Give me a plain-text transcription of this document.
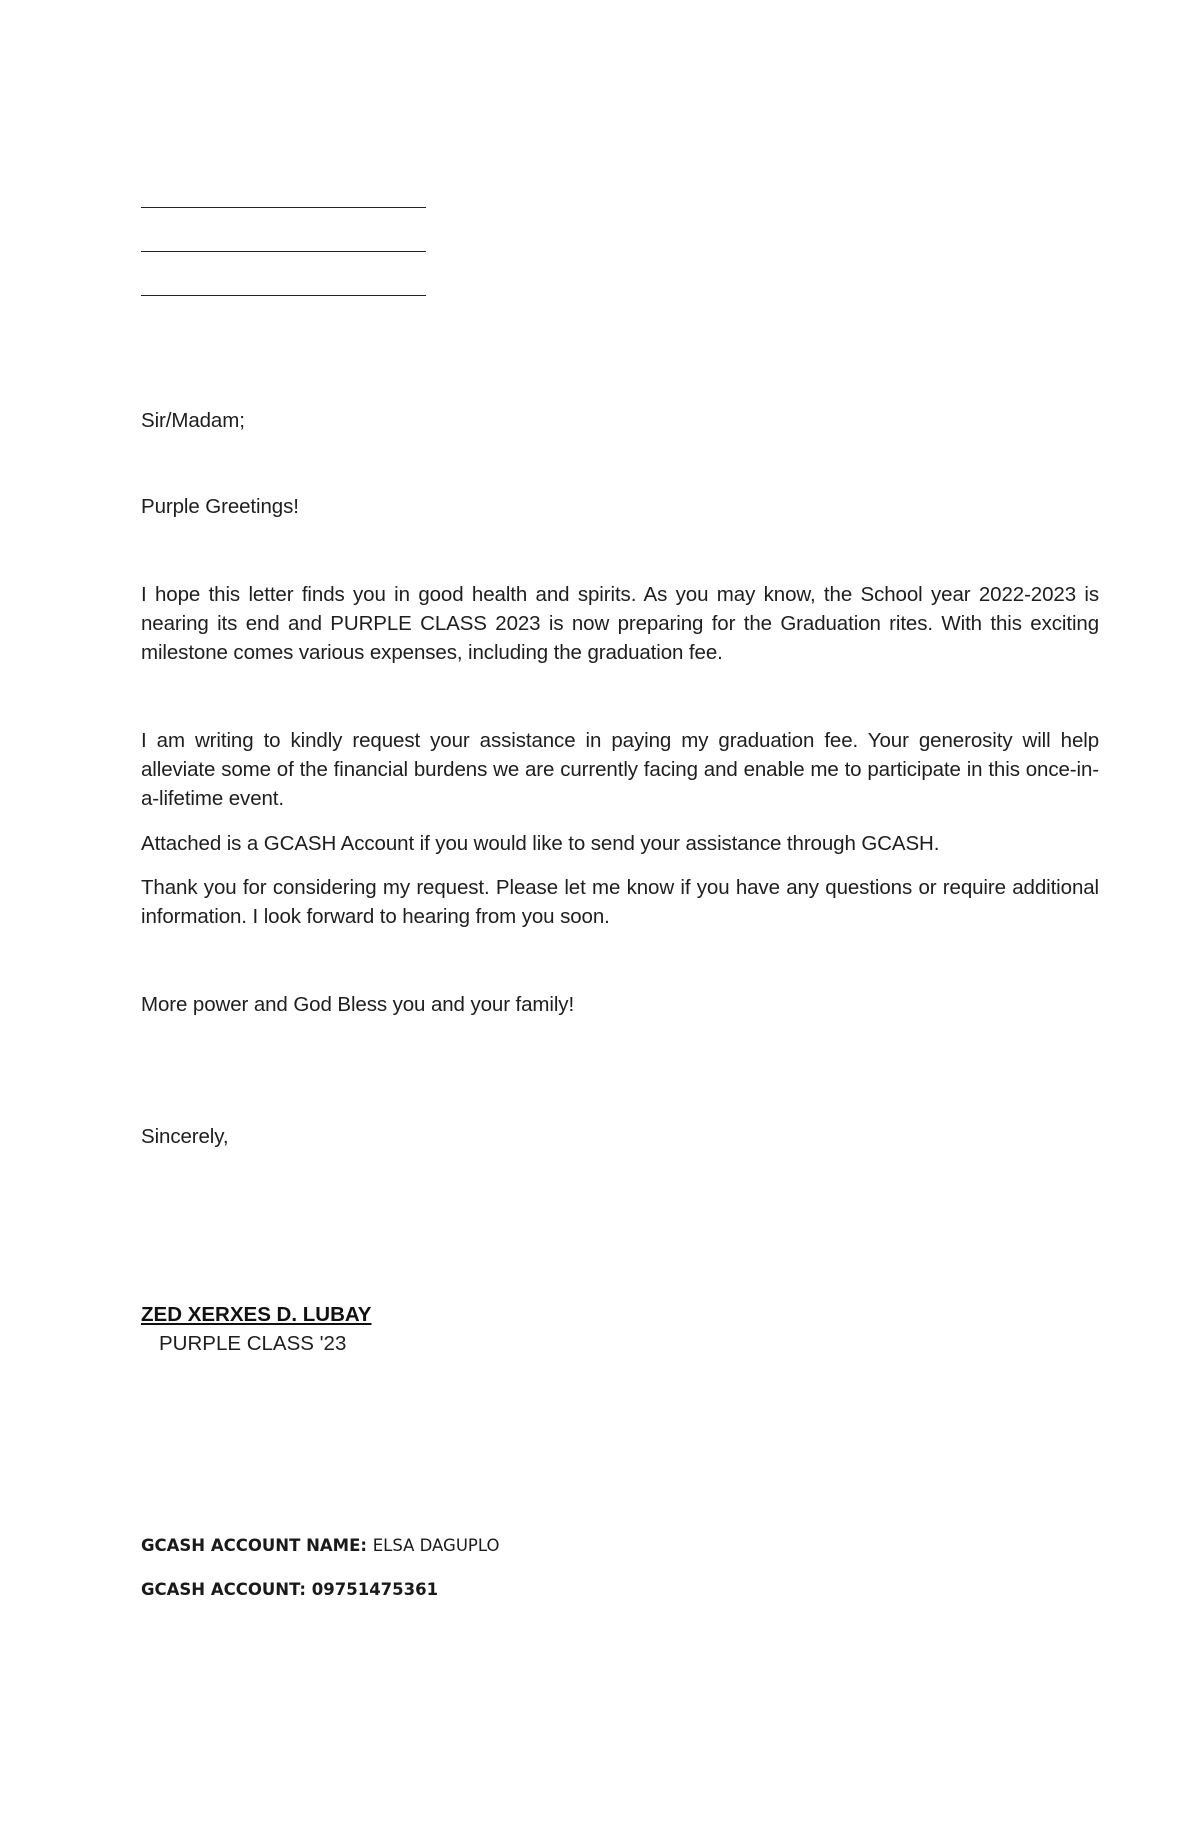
Sir/Madam;
Purple Greetings!
I hope this letter finds you in good health and spirits. As you may know, the School year 2022-2023 is nearing its end and PURPLE CLASS 2023 is now preparing for the Graduation rites. With this exciting milestone comes various expenses, including the graduation fee.
I am writing to kindly request your assistance in paying my graduation fee. Your generosity will help alleviate some of the financial burdens we are currently facing and enable me to participate in this once-in-a-lifetime event.
Attached is a GCASH Account if you would like to send your assistance through GCASH.
Thank you for considering my request. Please let me know if you have any questions or require additional information. I look forward to hearing from you soon.
More power and God Bless you and your family!
Sincerely,
ZED XERXES D. LUBAY
PURPLE CLASS '23
GCASH ACCOUNT NAME: ELSA DAGUPLO
GCASH ACCOUNT: 09751475361
